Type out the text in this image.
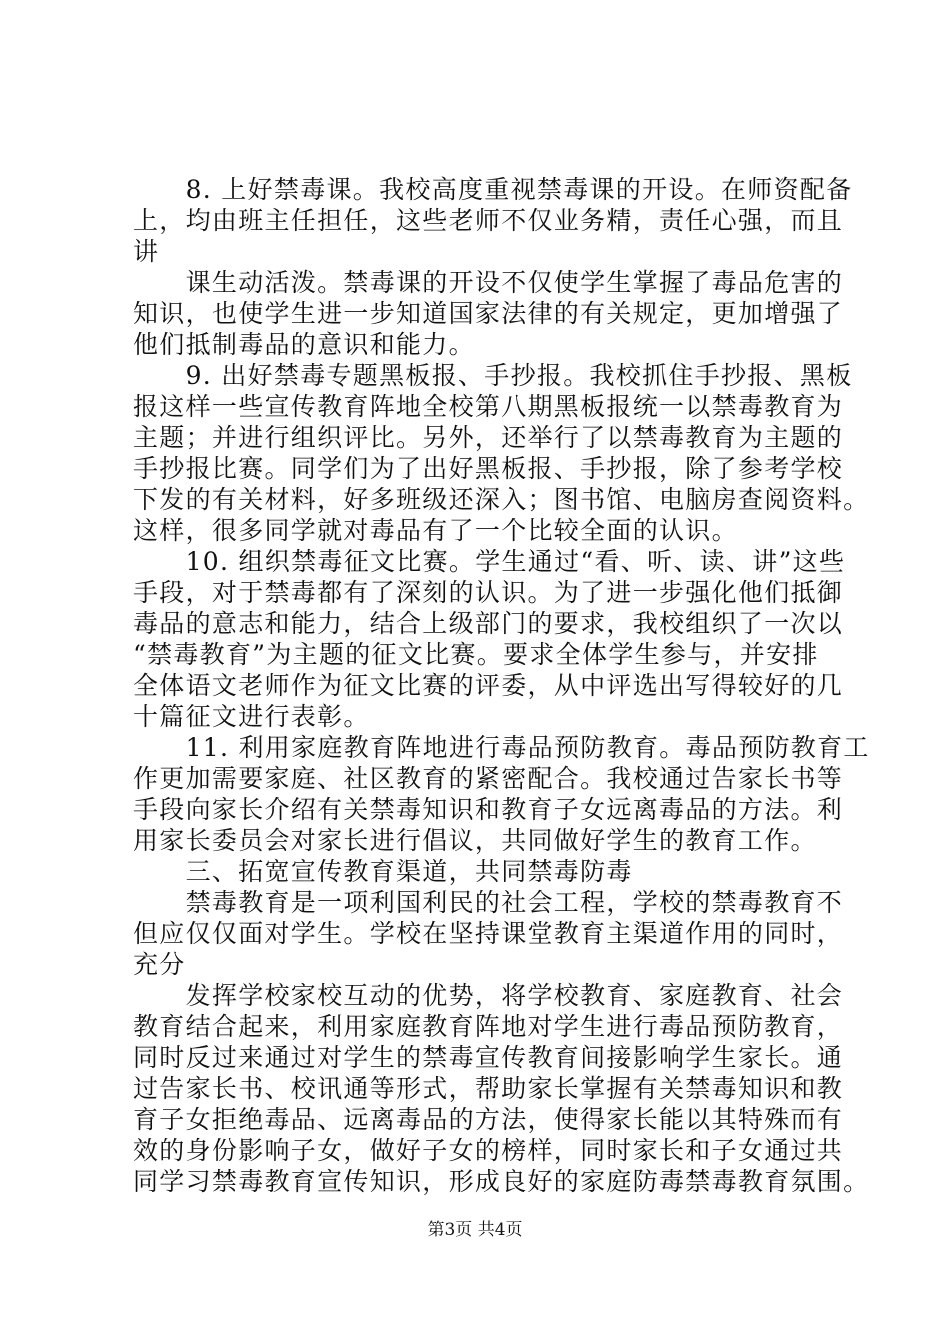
　　8. 上好禁毒课。我校高度重视禁毒课的开设。在师资配备
上，均由班主任担任，这些老师不仅业务精，责任心强，而且
讲
　　课生动活泼。禁毒课的开设不仅使学生掌握了毒品危害的
知识，也使学生进一步知道国家法律的有关规定，更加增强了
他们抵制毒品的意识和能力。
　　9. 出好禁毒专题黑板报、手抄报。我校抓住手抄报、黑板
报这样一些宣传教育阵地全校第八期黑板报统一以禁毒教育为
主题；并进行组织评比。另外，还举行了以禁毒教育为主题的
手抄报比赛。同学们为了出好黑板报、手抄报，除了参考学校
下发的有关材料，好多班级还深入；图书馆、电脑房查阅资料。
这样，很多同学就对毒品有了一个比较全面的认识。
　　10. 组织禁毒征文比赛。学生通过“看、听、读、讲”这些
手段，对于禁毒都有了深刻的认识。为了进一步强化他们抵御
毒品的意志和能力，结合上级部门的要求，我校组织了一次以
“禁毒教育”为主题的征文比赛。要求全体学生参与，并安排
全体语文老师作为征文比赛的评委，从中评选出写得较好的几
十篇征文进行表彰。
　　11. 利用家庭教育阵地进行毒品预防教育。毒品预防教育工
作更加需要家庭、社区教育的紧密配合。我校通过告家长书等
手段向家长介绍有关禁毒知识和教育子女远离毒品的方法。利
用家长委员会对家长进行倡议，共同做好学生的教育工作。
　　三、拓宽宣传教育渠道，共同禁毒防毒
　　禁毒教育是一项利国利民的社会工程，学校的禁毒教育不
但应仅仅面对学生。学校在坚持课堂教育主渠道作用的同时，
充分
　　发挥学校家校互动的优势，将学校教育、家庭教育、社会
教育结合起来，利用家庭教育阵地对学生进行毒品预防教育，
同时反过来通过对学生的禁毒宣传教育间接影响学生家长。通
过告家长书、校讯通等形式，帮助家长掌握有关禁毒知识和教
育子女拒绝毒品、远离毒品的方法，使得家长能以其特殊而有
效的身份影响子女，做好子女的榜样，同时家长和子女通过共
同学习禁毒教育宣传知识，形成良好的家庭防毒禁毒教育氛围。
第3页 共4页
